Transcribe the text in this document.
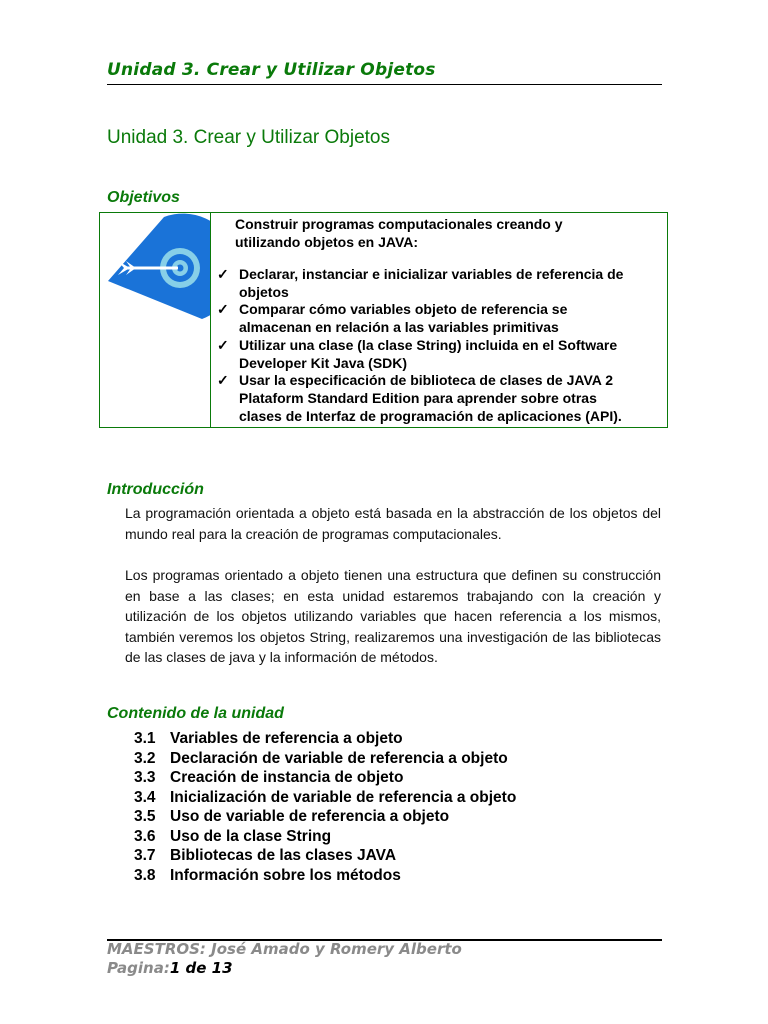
Unidad 3. Crear y Utilizar Objetos
Unidad 3. Crear y Utilizar Objetos
Objetivos
Construir programas computacionales creando y
utilizando objetos en JAVA:
✓ Declarar, instanciar e inicializar variables de referencia de
objetos
✓ Comparar cómo variables objeto de referencia se
almacenan en relación a las variables primitivas
✓ Utilizar una clase (la clase String) incluida en el Software
Developer Kit Java (SDK)
✓ Usar la especificación de biblioteca de clases de JAVA 2
Plataform Standard Edition para aprender sobre otras
clases de Interfaz de programación de aplicaciones (API).
Introducción

La programación orientada a objeto está basada en la abstracción de los objetos del mundo real para la creación de programas computacionales.

Los programas orientado a objeto tienen una estructura que definen su construcción en base a las clases; en esta unidad estaremos trabajando con la creación y utilización de los objetos utilizando variables que hacen referencia a los mismos, también veremos los objetos String, realizaremos una investigación de las bibliotecas de las clases de java y la información de métodos.

Contenido de la unidad
3.1 Variables de referencia a objeto
3.2 Declaración de variable de referencia a objeto
3.3 Creación de instancia de objeto
3.4 Inicialización de variable de referencia a objeto
3.5 Uso de variable de referencia a objeto
3.6 Uso de la clase String
3.7 Bibliotecas de las clases JAVA
3.8 Información sobre los métodos
MAESTROS: José Amado y Romery Alberto
Pagina:1 de 13
